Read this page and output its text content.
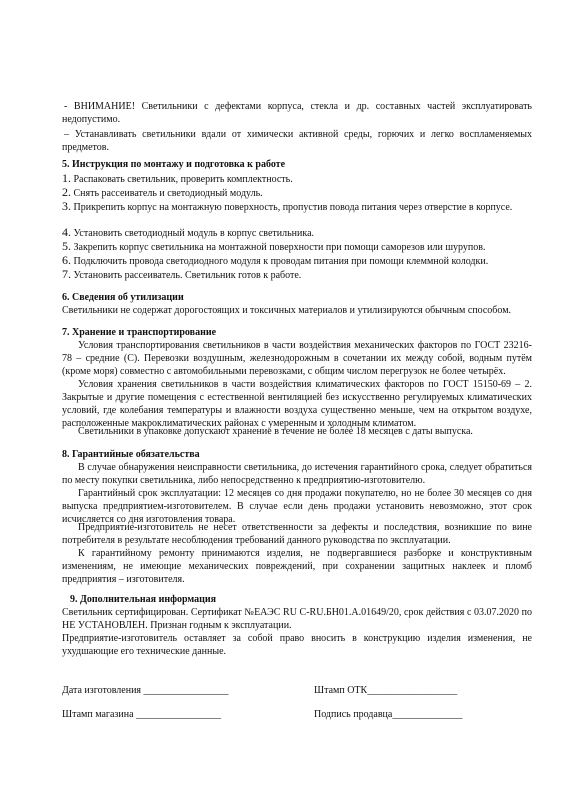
- ВНИМАНИЕ! Светильники с дефектами корпуса, стекла и др. составных частей эксплуатировать недопустимо.

– Устанавливать светильники вдали от химически активной среды, горючих и легко воспламеняемых предметов.

5. Инструкция по монтажу и подготовка к работе

1. Распаковать светильник, проверить комплектность.

2. Снять рассеиватель и светодиодный модуль.

3. Прикрепить корпус на монтажную поверхность, пропустив повода питания через отверстие в корпусе.

4. Установить светодиодный модуль в корпус светильника.

5. Закрепить корпус светильника на монтажной поверхности при помощи саморезов или шурупов.

6. Подключить провода светодиодного модуля к проводам питания при помощи клеммной колодки.

7. Установить рассеиватель. Светильник готов к работе.

6. Сведения об утилизации

Светильники не содержат дорогостоящих и токсичных материалов и утилизируются обычным способом.

7. Хранение и транспортирование

Условия транспортирования светильников в части воздействия механических факторов по ГОСТ 23216-78 – средние (С). Перевозки воздушным, железнодорожным в сочетании их между собой, водным путём (кроме моря) совместно с автомобильными перевозками, с общим числом перегрузок не более четырёх.

Условия хранения светильников в части воздействия климатических факторов по ГОСТ 15150-69 – 2. Закрытые и другие помещения с естественной вентиляцией без искусственно регулируемых климатических условий, где колебания температуры и влажности воздуха существенно меньше, чем на открытом воздухе, расположенные макроклиматических районах с умеренным и холодным климатом.

Светильники в упаковке допускают хранение в течение не более 18 месяцев с даты выпуска.

8. Гарантийные обязательства

В случае обнаружения неисправности светильника, до истечения гарантийного срока, следует обратиться по месту покупки светильника, либо непосредственно к предприятию-изготовителю.

Гарантийный срок эксплуатации: 12 месяцев со дня продажи покупателю, но не более 30 месяцев со дня выпуска предприятием-изготовителем. В случае если день продажи установить невозможно, этот срок исчисляется со дня изготовления товара.

Предприятие-изготовитель не несет ответственности за дефекты и последствия, возникшие по вине потребителя в результате несоблюдения требований данного руководства по эксплуатации.

К гарантийному ремонту принимаются изделия, не подвергавшиеся разборке и конструктивным изменениям, не имеющие механических повреждений, при сохранении защитных наклеек и пломб предприятия – изготовителя.

9. Дополнительная информация

Светильник сертифицирован. Сертификат №ЕАЭС RU C-RU.БН01.А.01649/20, срок действия с 03.07.2020 по НЕ УСТАНОВЛЕН. Признан годным к эксплуатации.

Предприятие-изготовитель оставляет за собой право вносить в конструкцию изделия изменения, не ухудшающие его технические данные.

Дата изготовления _________________	Штамп ОТК__________________
Штамп магазина _________________	Подпись продавца______________
